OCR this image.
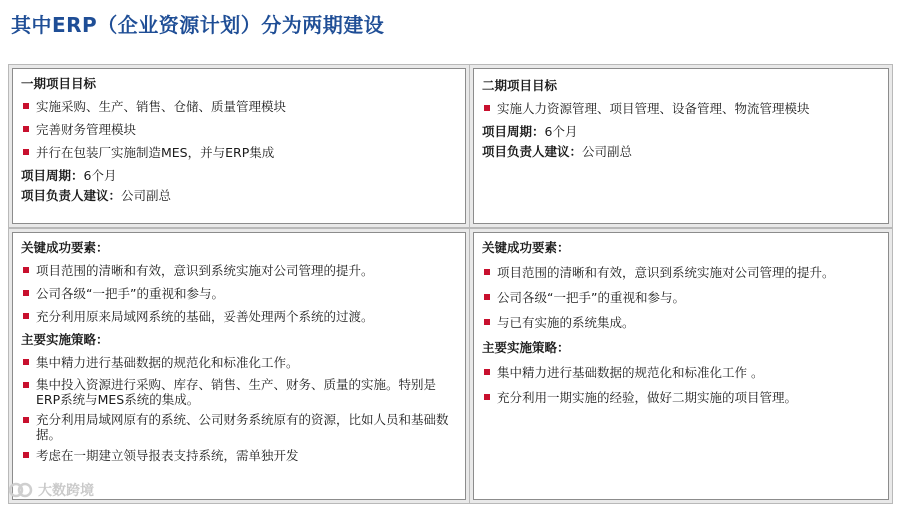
其中ERP（企业资源计划）分为两期建设
一期项目目标
实施采购、生产、销售、仓储、质量管理模块
完善财务管理模块
并行在包装厂实施制造MES，并与ERP集成
项目周期：6个月
项目负责人建议：公司副总
二期项目目标
实施人力资源管理、项目管理、设备管理、物流管理模块
项目周期：6个月
项目负责人建议：公司副总
关键成功要素：
项目范围的清晰和有效，意识到系统实施对公司管理的提升。
公司各级“一把手”的重视和参与。
充分利用原来局域网系统的基础，妥善处理两个系统的过渡。
主要实施策略：
集中精力进行基础数据的规范化和标准化工作。
集中投入资源进行采购、库存、销售、生产、财务、质量的实施。特别是ERP系统与MES系统的集成。
充分利用局域网原有的系统、公司财务系统原有的资源，比如人员和基础数据。
考虑在一期建立领导报表支持系统，需单独开发
关键成功要素：
项目范围的清晰和有效，意识到系统实施对公司管理的提升。
公司各级“一把手”的重视和参与。
与已有实施的系统集成。
主要实施策略：
集中精力进行基础数据的规范化和标准化工作 。
充分利用一期实施的经验，做好二期实施的项目管理。
大数跨境
